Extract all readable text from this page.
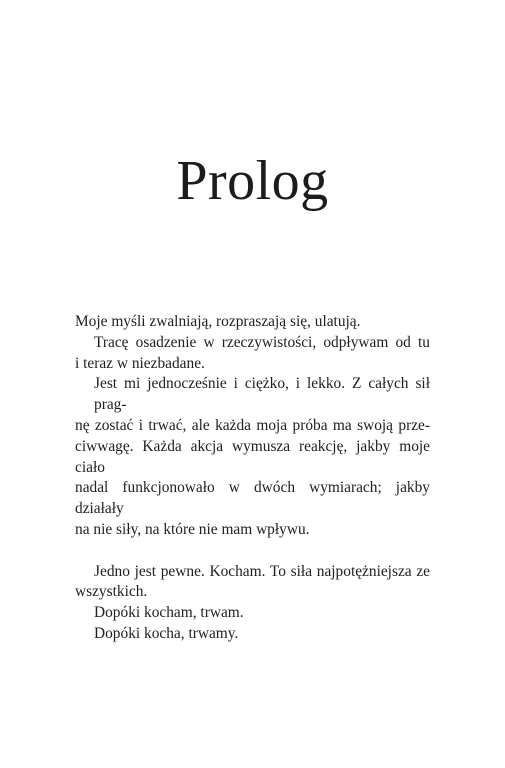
Prolog
Moje myśli zwalniają, rozpraszają się, ulatują.
Tracę osadzenie w rzeczywistości, odpływam od tu
i teraz w niezbadane.
Jest mi jednocześnie i ciężko, i lekko. Z całych sił prag-
nę zostać i trwać, ale każda moja próba ma swoją prze-
ciwwagę. Każda akcja wymusza reakcję, jakby moje ciało
nadal funkcjonowało w dwóch wymiarach; jakby działały
na nie siły, na które nie mam wpływu.
Jedno jest pewne. Kocham. To siła najpotężniejsza ze
wszystkich.
Dopóki kocham, trwam.
Dopóki kocha, trwamy.
